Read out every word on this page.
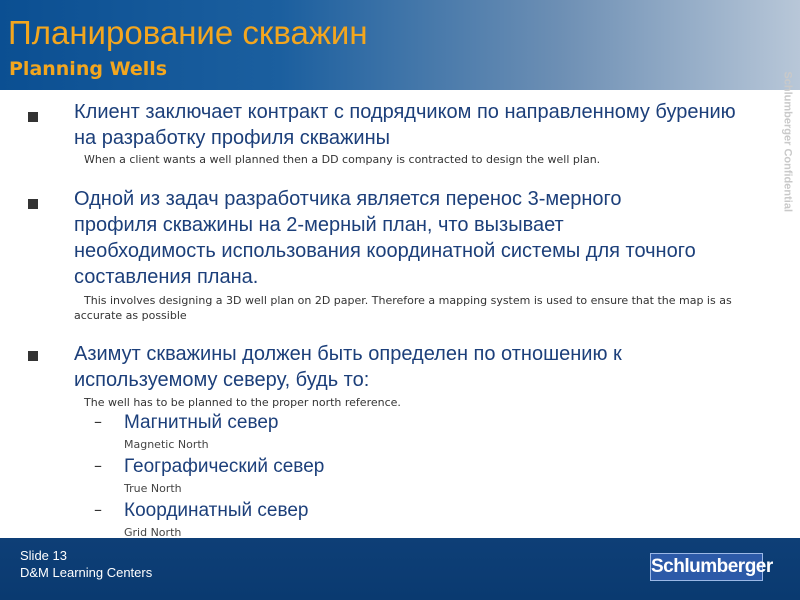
Планирование скважин
Planning Wells
Клиент заключает контракт с подрядчиком по направленному бурению на разработку профиля скважины
When a client wants a well planned then a DD company is contracted to design the well plan.
Одной из задач разработчика является перенос 3-мерного профиля скважины на 2-мерный план, что вызывает необходимость использования координатной системы для точного составления плана.
This involves designing a 3D well plan on 2D paper. Therefore a mapping system is used to ensure that the map is as accurate as possible
Азимут скважины должен быть определен по отношению к используемому северу, будь то:
The well has to be planned to the proper north reference.
– Магнитный север
Magnetic North
– Географический север
True North
– Координатный север
Grid North
Schlumberger Confidential
Slide 13
D&M Learning Centers	Schlumberger
